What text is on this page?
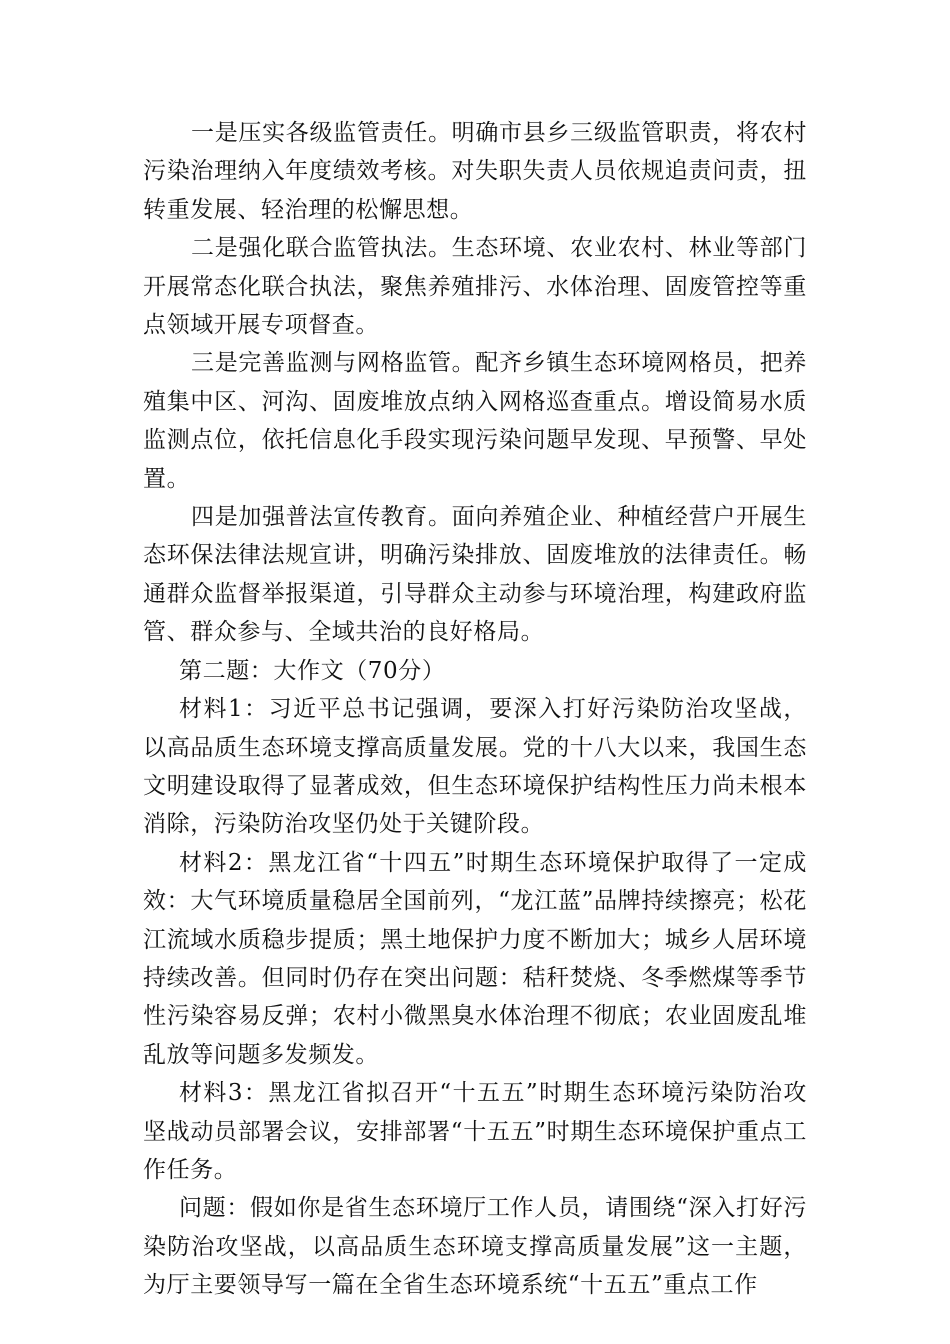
一是压实各级监管责任。明确市县乡三级监管职责，将农村污染治理纳入年度绩效考核。对失职失责人员依规追责问责，扭转重发展、轻治理的松懈思想。

二是强化联合监管执法。生态环境、农业农村、林业等部门开展常态化联合执法，聚焦养殖排污、水体治理、固废管控等重点领域开展专项督查。

三是完善监测与网格监管。配齐乡镇生态环境网格员，把养殖集中区、河沟、固废堆放点纳入网格巡查重点。增设简易水质监测点位，依托信息化手段实现污染问题早发现、早预警、早处置。

四是加强普法宣传教育。面向养殖企业、种植经营户开展生态环保法律法规宣讲，明确污染排放、固废堆放的法律责任。畅通群众监督举报渠道，引导群众主动参与环境治理，构建政府监管、群众参与、全域共治的良好格局。

第二题：大作文（70分）

材料1：习近平总书记强调，要深入打好污染防治攻坚战，以高品质生态环境支撑高质量发展。党的十八大以来，我国生态文明建设取得了显著成效，但生态环境保护结构性压力尚未根本消除，污染防治攻坚仍处于关键阶段。

材料2：黑龙江省“十四五”时期生态环境保护取得了一定成效：大气环境质量稳居全国前列，“龙江蓝”品牌持续擦亮；松花江流域水质稳步提质；黑土地保护力度不断加大；城乡人居环境持续改善。但同时仍存在突出问题：秸秆焚烧、冬季燃煤等季节性污染容易反弹；农村小微黑臭水体治理不彻底；农业固废乱堆乱放等问题多发频发。

材料3：黑龙江省拟召开“十五五”时期生态环境污染防治攻坚战动员部署会议，安排部署“十五五”时期生态环境保护重点工作任务。

问题：假如你是省生态环境厅工作人员，请围绕“深入打好污染防治攻坚战，以高品质生态环境支撑高质量发展”这一主题，为厅主要领导写一篇在全省生态环境系统“十五五”重点工作
